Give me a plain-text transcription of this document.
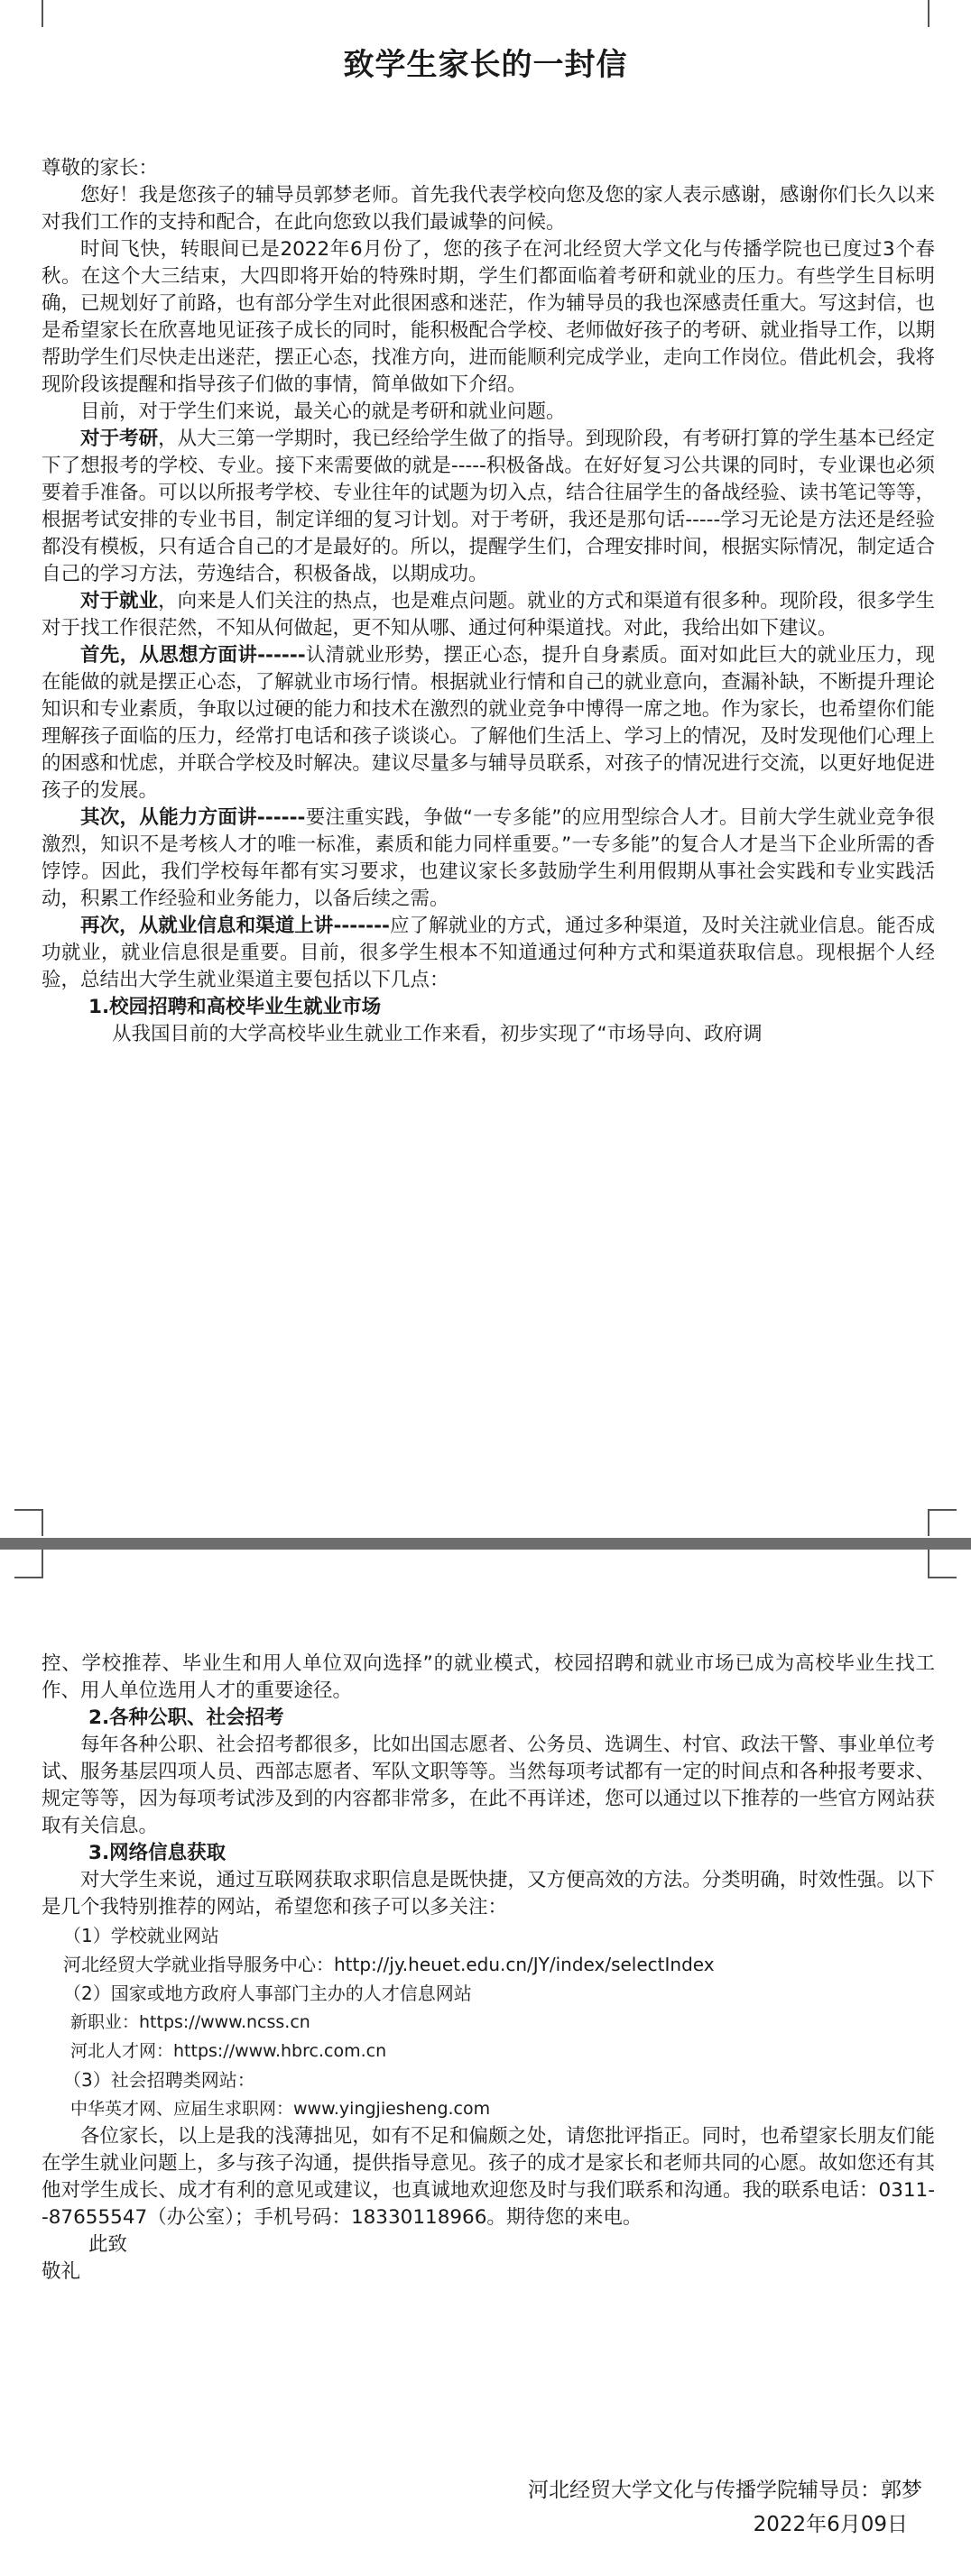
致学生家长的一封信

尊敬的家长：

您好！我是您孩子的辅导员郭梦老师。首先我代表学校向您及您的家人表示感谢，感谢你们长久以来对我们工作的支持和配合，在此向您致以我们最诚挚的问候。

时间飞快，转眼间已是2022年6月份了，您的孩子在河北经贸大学文化与传播学院也已度过3个春秋。在这个大三结束，大四即将开始的特殊时期，学生们都面临着考研和就业的压力。有些学生目标明确，已规划好了前路，也有部分学生对此很困惑和迷茫，作为辅导员的我也深感责任重大。写这封信，也是希望家长在欣喜地见证孩子成长的同时，能积极配合学校、老师做好孩子的考研、就业指导工作，以期帮助学生们尽快走出迷茫，摆正心态，找准方向，进而能顺利完成学业，走向工作岗位。借此机会，我将现阶段该提醒和指导孩子们做的事情，简单做如下介绍。

目前，对于学生们来说，最关心的就是考研和就业问题。

对于考研，从大三第一学期时，我已经给学生做了的指导。到现阶段，有考研打算的学生基本已经定下了想报考的学校、专业。接下来需要做的就是-----积极备战。在好好复习公共课的同时，专业课也必须要着手准备。可以以所报考学校、专业往年的试题为切入点，结合往届学生的备战经验、读书笔记等等，根据考试安排的专业书目，制定详细的复习计划。对于考研，我还是那句话-----学习无论是方法还是经验都没有模板，只有适合自己的才是最好的。所以，提醒学生们，合理安排时间，根据实际情况，制定适合自己的学习方法，劳逸结合，积极备战，以期成功。

对于就业，向来是人们关注的热点，也是难点问题。就业的方式和渠道有很多种。现阶段，很多学生对于找工作很茫然，不知从何做起，更不知从哪、通过何种渠道找。对此，我给出如下建议。

首先，从思想方面讲------认清就业形势，摆正心态，提升自身素质。面对如此巨大的就业压力，现在能做的就是摆正心态，了解就业市场行情。根据就业行情和自己的就业意向，查漏补缺，不断提升理论知识和专业素质，争取以过硬的能力和技术在激烈的就业竞争中博得一席之地。作为家长，也希望你们能理解孩子面临的压力，经常打电话和孩子谈谈心。了解他们生活上、学习上的情况，及时发现他们心理上的困惑和忧虑，并联合学校及时解决。建议尽量多与辅导员联系，对孩子的情况进行交流，以更好地促进孩子的发展。

其次，从能力方面讲------要注重实践，争做“一专多能”的应用型综合人才。目前大学生就业竞争很激烈，知识不是考核人才的唯一标准，素质和能力同样重要。”一专多能”的复合人才是当下企业所需的香饽饽。因此，我们学校每年都有实习要求，也建议家长多鼓励学生利用假期从事社会实践和专业实践活动，积累工作经验和业务能力，以备后续之需。

再次，从就业信息和渠道上讲-------应了解就业的方式，通过多种渠道，及时关注就业信息。能否成功就业，就业信息很是重要。目前，很多学生根本不知道通过何种方式和渠道获取信息。现根据个人经验，总结出大学生就业渠道主要包括以下几点：

1.校园招聘和高校毕业生就业市场

从我国目前的大学高校毕业生就业工作来看，初步实现了“市场导向、政府调

控、学校推荐、毕业生和用人单位双向选择”的就业模式，校园招聘和就业市场已成为高校毕业生找工作、用人单位选用人才的重要途径。

2.各种公职、社会招考

每年各种公职、社会招考都很多，比如出国志愿者、公务员、选调生、村官、政法干警、事业单位考试、服务基层四项人员、西部志愿者、军队文职等等。当然每项考试都有一定的时间点和各种报考要求、规定等等，因为每项考试涉及到的内容都非常多，在此不再详述，您可以通过以下推荐的一些官方网站获取有关信息。

3.网络信息获取

对大学生来说，通过互联网获取求职信息是既快捷，又方便高效的方法。分类明确，时效性强。以下是几个我特别推荐的网站，希望您和孩子可以多关注：

（1）学校就业网站

河北经贸大学就业指导服务中心：http://jy.heuet.edu.cn/JY/index/selectIndex

（2）国家或地方政府人事部门主办的人才信息网站

新职业：https://www.ncss.cn

河北人才网：https://www.hbrc.com.cn

（3）社会招聘类网站：

中华英才网、应届生求职网：www.yingjiesheng.com

各位家长，以上是我的浅薄拙见，如有不足和偏颇之处，请您批评指正。同时，也希望家长朋友们能在学生就业问题上，多与孩子沟通，提供指导意见。孩子的成才是家长和老师共同的心愿。故如您还有其他对学生成长、成才有利的意见或建议，也真诚地欢迎您及时与我们联系和沟通。我的联系电话：0311--87655547（办公室）；手机号码：18330118966。期待您的来电。

此致

敬礼

河北经贸大学文化与传播学院辅导员：郭梦
2022年6月09日
